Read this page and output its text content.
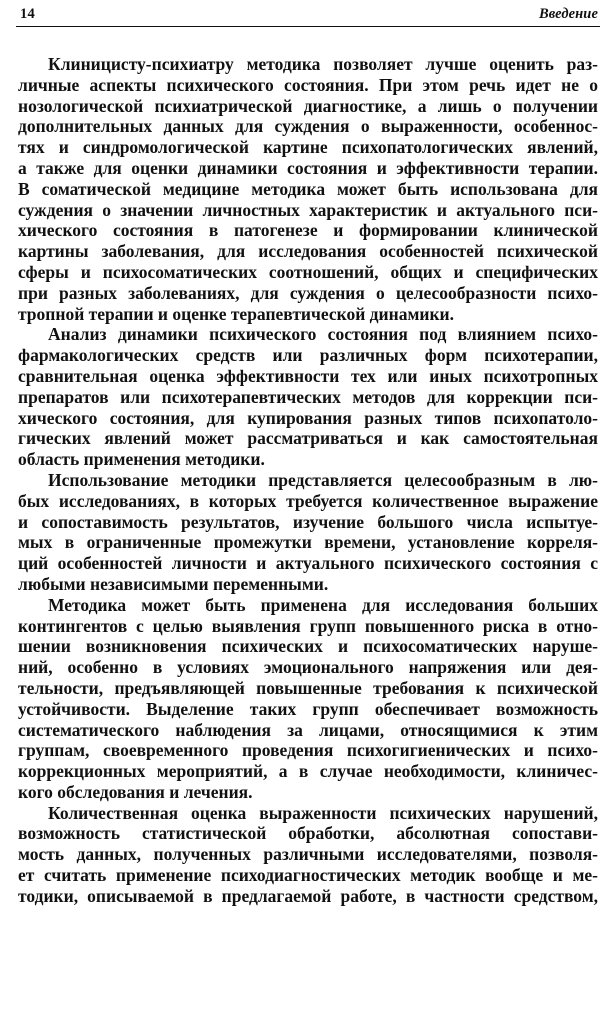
14	Введение
Клиницисту-психиатру методика позволяет лучше оценить раз-
личные аспекты психического состояния. При этом речь идет не о
нозологической психиатрической диагностике, а лишь о получении
дополнительных данных для суждения о выраженности, особеннос-
тях и синдромологической картине психопатологических явлений,
а также для оценки динамики состояния и эффективности терапии.
В соматической медицине методика может быть использована для
суждения о значении личностных характеристик и актуального пси-
хического состояния в патогенезе и формировании клинической
картины заболевания, для исследования особенностей психической
сферы и психосоматических соотношений, общих и специфических
при разных заболеваниях, для суждения о целесообразности психо-
тропной терапии и оценке терапевтической динамики.
Анализ динамики психического состояния под влиянием психо-
фармакологических средств или различных форм психотерапии,
сравнительная оценка эффективности тех или иных психотропных
препаратов или психотерапевтических методов для коррекции пси-
хического состояния, для купирования разных типов психопатоло-
гических явлений может рассматриваться и как самостоятельная
область применения методики.
Использование методики представляется целесообразным в лю-
бых исследованиях, в которых требуется количественное выражение
и сопоставимость результатов, изучение большого числа испытуе-
мых в ограниченные промежутки времени, установление корреля-
ций особенностей личности и актуального психического состояния с
любыми независимыми переменными.
Методика может быть применена для исследования больших
контингентов с целью выявления групп повышенного риска в отно-
шении возникновения психических и психосоматических наруше-
ний, особенно в условиях эмоционального напряжения или дея-
тельности, предъявляющей повышенные требования к психической
устойчивости. Выделение таких групп обеспечивает возможность
систематического наблюдения за лицами, относящимися к этим
группам, своевременного проведения психогигиенических и психо-
коррекционных мероприятий, а в случае необходимости, клиничес-
кого обследования и лечения.
Количественная оценка выраженности психических нарушений,
возможность статистической обработки, абсолютная сопостави-
мость данных, полученных различными исследователями, позволя-
ет считать применение психодиагностических методик вообще и ме-
тодики, описываемой в предлагаемой работе, в частности средством,
